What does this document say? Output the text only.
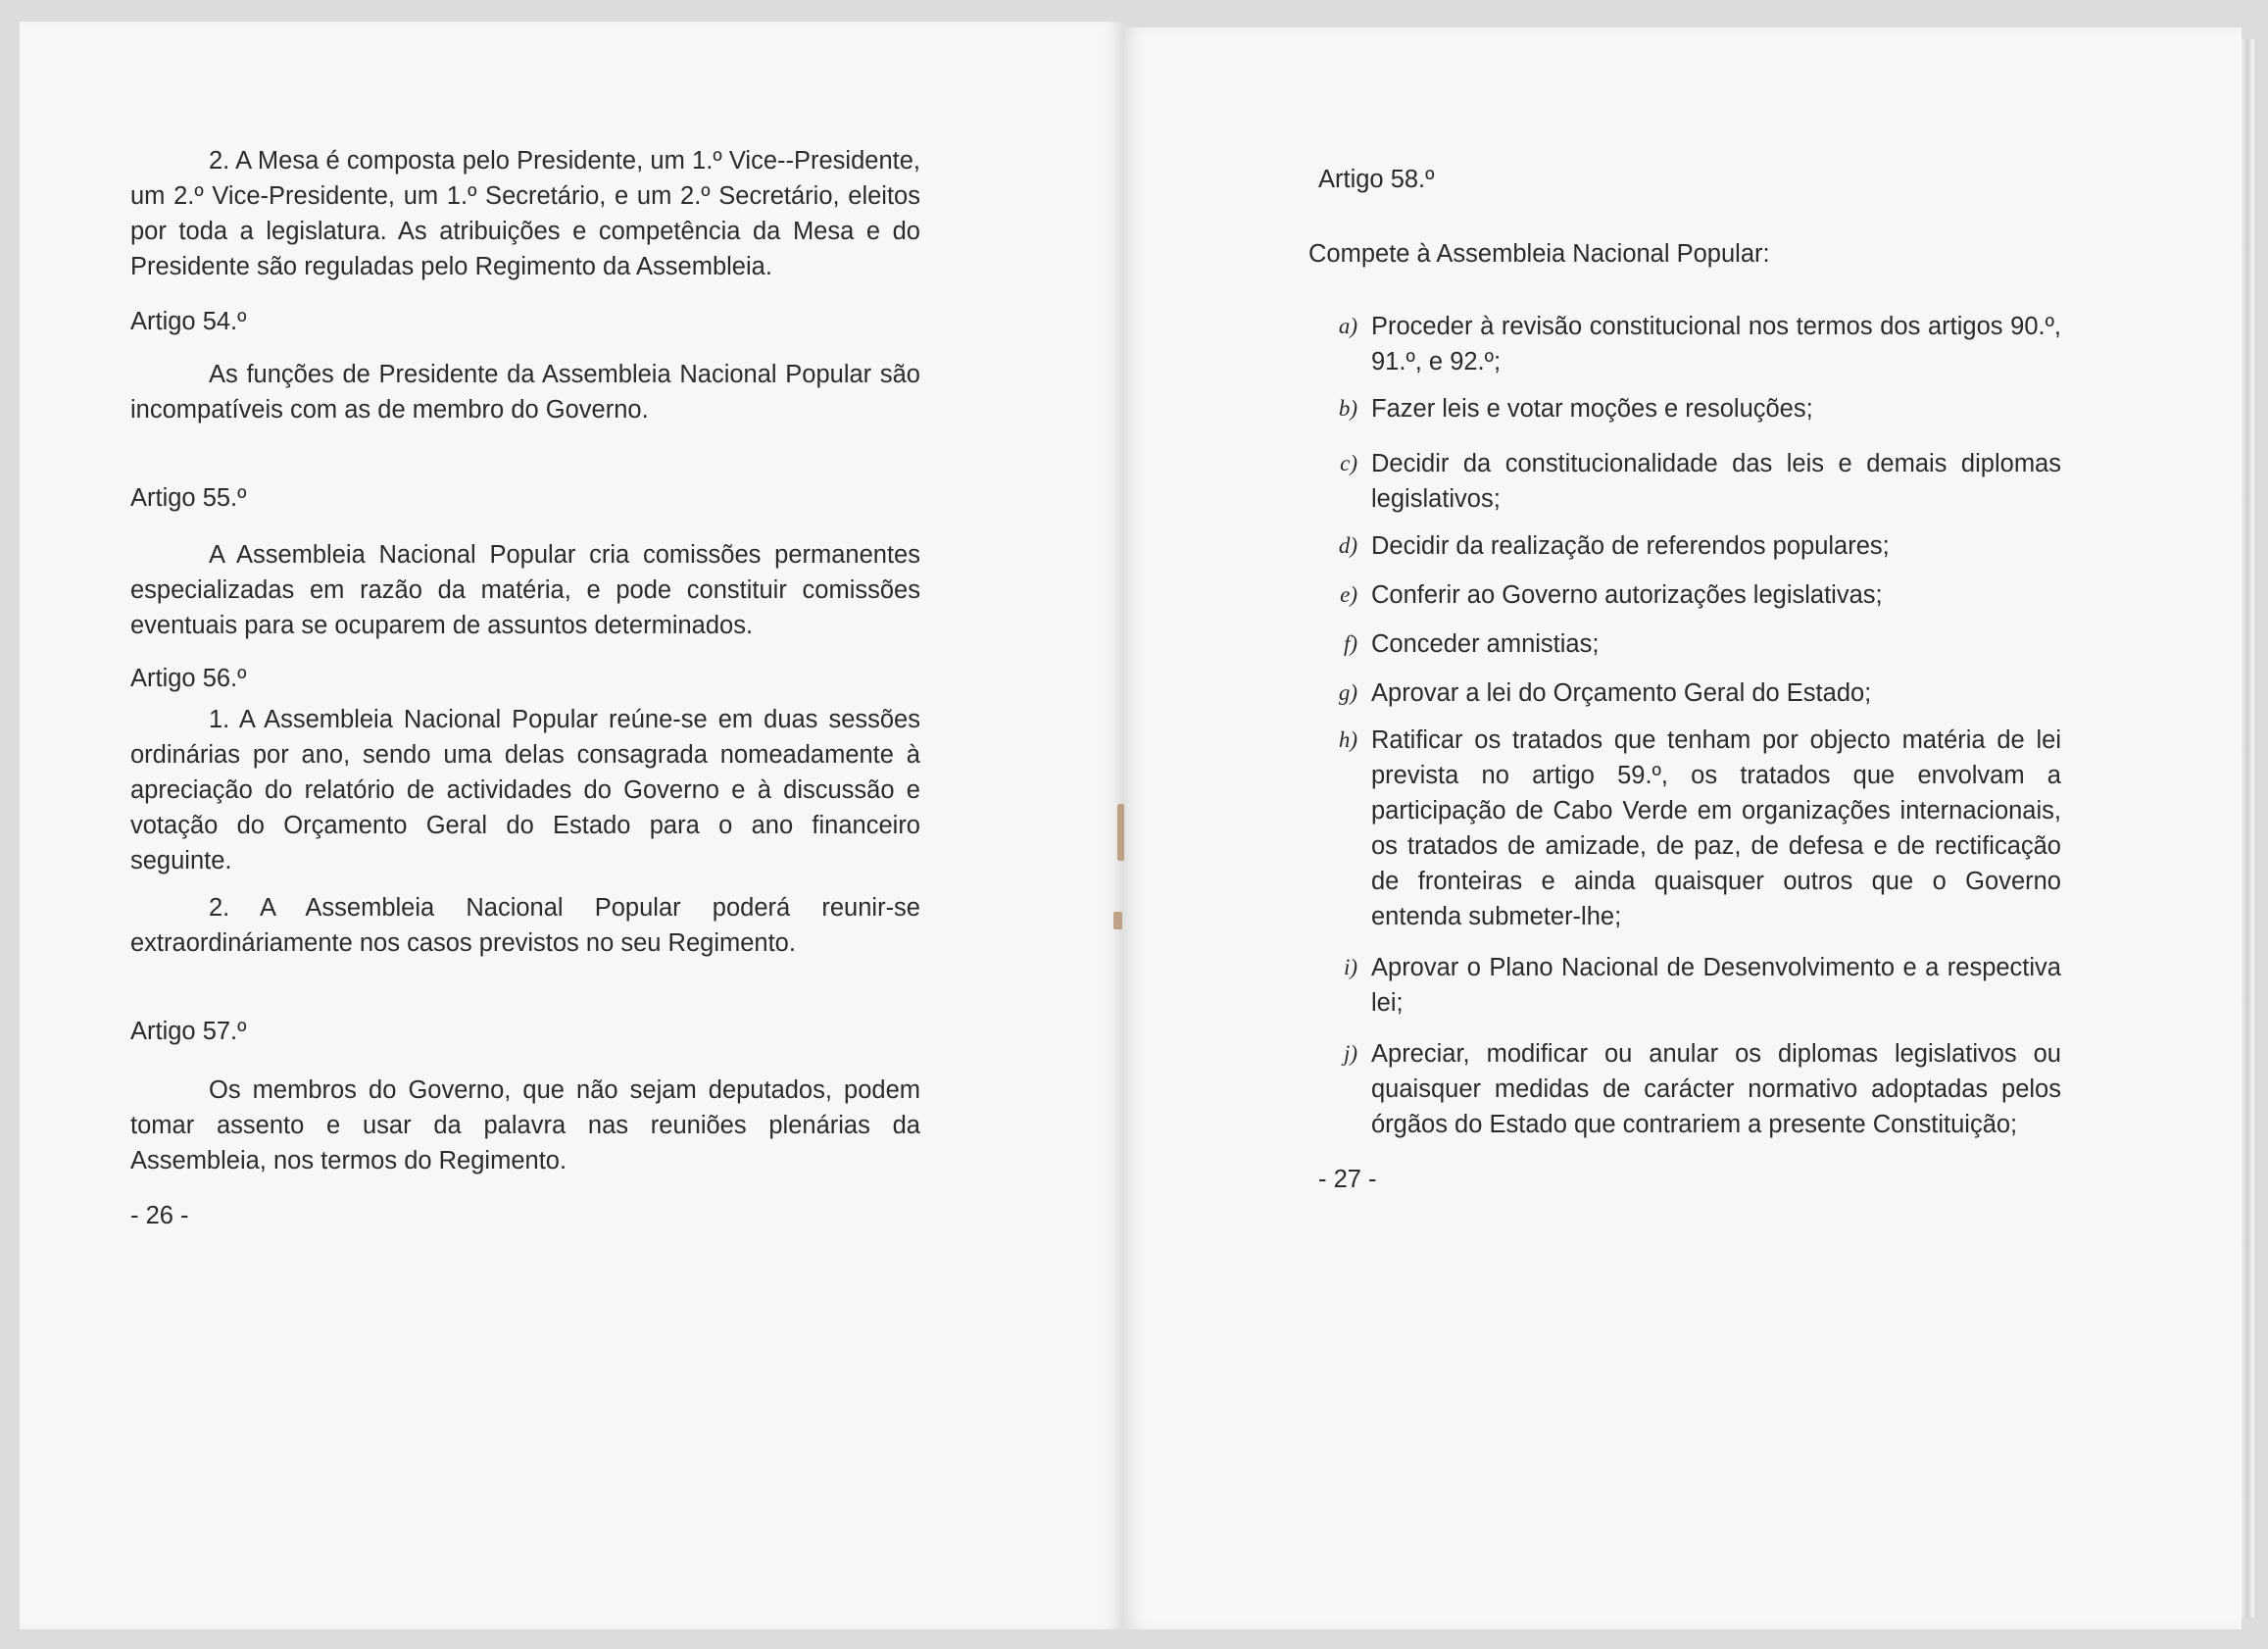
2. A Mesa é composta pelo Presidente, um 1.º Vice--Presidente, um 2.º Vice-Presidente, um 1.º Secretário, e um 2.º Secretário, eleitos por toda a legislatura. As atribuições e competência da Mesa e do Presidente são reguladas pelo Regimento da Assembleia.

Artigo 54.º

As funções de Presidente da Assembleia Nacional Popular são incompatíveis com as de membro do Governo.

Artigo 55.º

A Assembleia Nacional Popular cria comissões permanentes especializadas em razão da matéria, e pode constituir comissões eventuais para se ocuparem de assuntos determinados.

Artigo 56.º

1. A Assembleia Nacional Popular reúne-se em duas sessões ordinárias por ano, sendo uma delas consagrada nomeadamente à apreciação do relatório de actividades do Governo e à discussão e votação do Orçamento Geral do Estado para o ano financeiro seguinte.

2. A Assembleia Nacional Popular poderá reunir-se extraordináriamente nos casos previstos no seu Regimento.

Artigo 57.º

Os membros do Governo, que não sejam deputados, podem tomar assento e usar da palavra nas reuniões plenárias da Assembleia, nos termos do Regimento.

- 26 -

Artigo 58.º

Compete à Assembleia Nacional Popular:

a) Proceder à revisão constitucional nos termos dos artigos 90.º, 91.º, e 92.º;
b) Fazer leis e votar moções e resoluções;
c) Decidir da constitucionalidade das leis e demais diplomas legislativos;
d) Decidir da realização de referendos populares;
e) Conferir ao Governo autorizações legislativas;
f) Conceder amnistias;
g) Aprovar a lei do Orçamento Geral do Estado;
h) Ratificar os tratados que tenham por objecto matéria de lei prevista no artigo 59.º, os tratados que envolvam a participação de Cabo Verde em organizações internacionais, os tratados de amizade, de paz, de defesa e de rectificação de fronteiras e ainda quaisquer outros que o Governo entenda submeter-lhe;
i) Aprovar o Plano Nacional de Desenvolvimento e a respectiva lei;
j) Apreciar, modificar ou anular os diplomas legislativos ou quaisquer medidas de carácter normativo adoptadas pelos órgãos do Estado que contrariem a presente Constituição;

- 27 -
